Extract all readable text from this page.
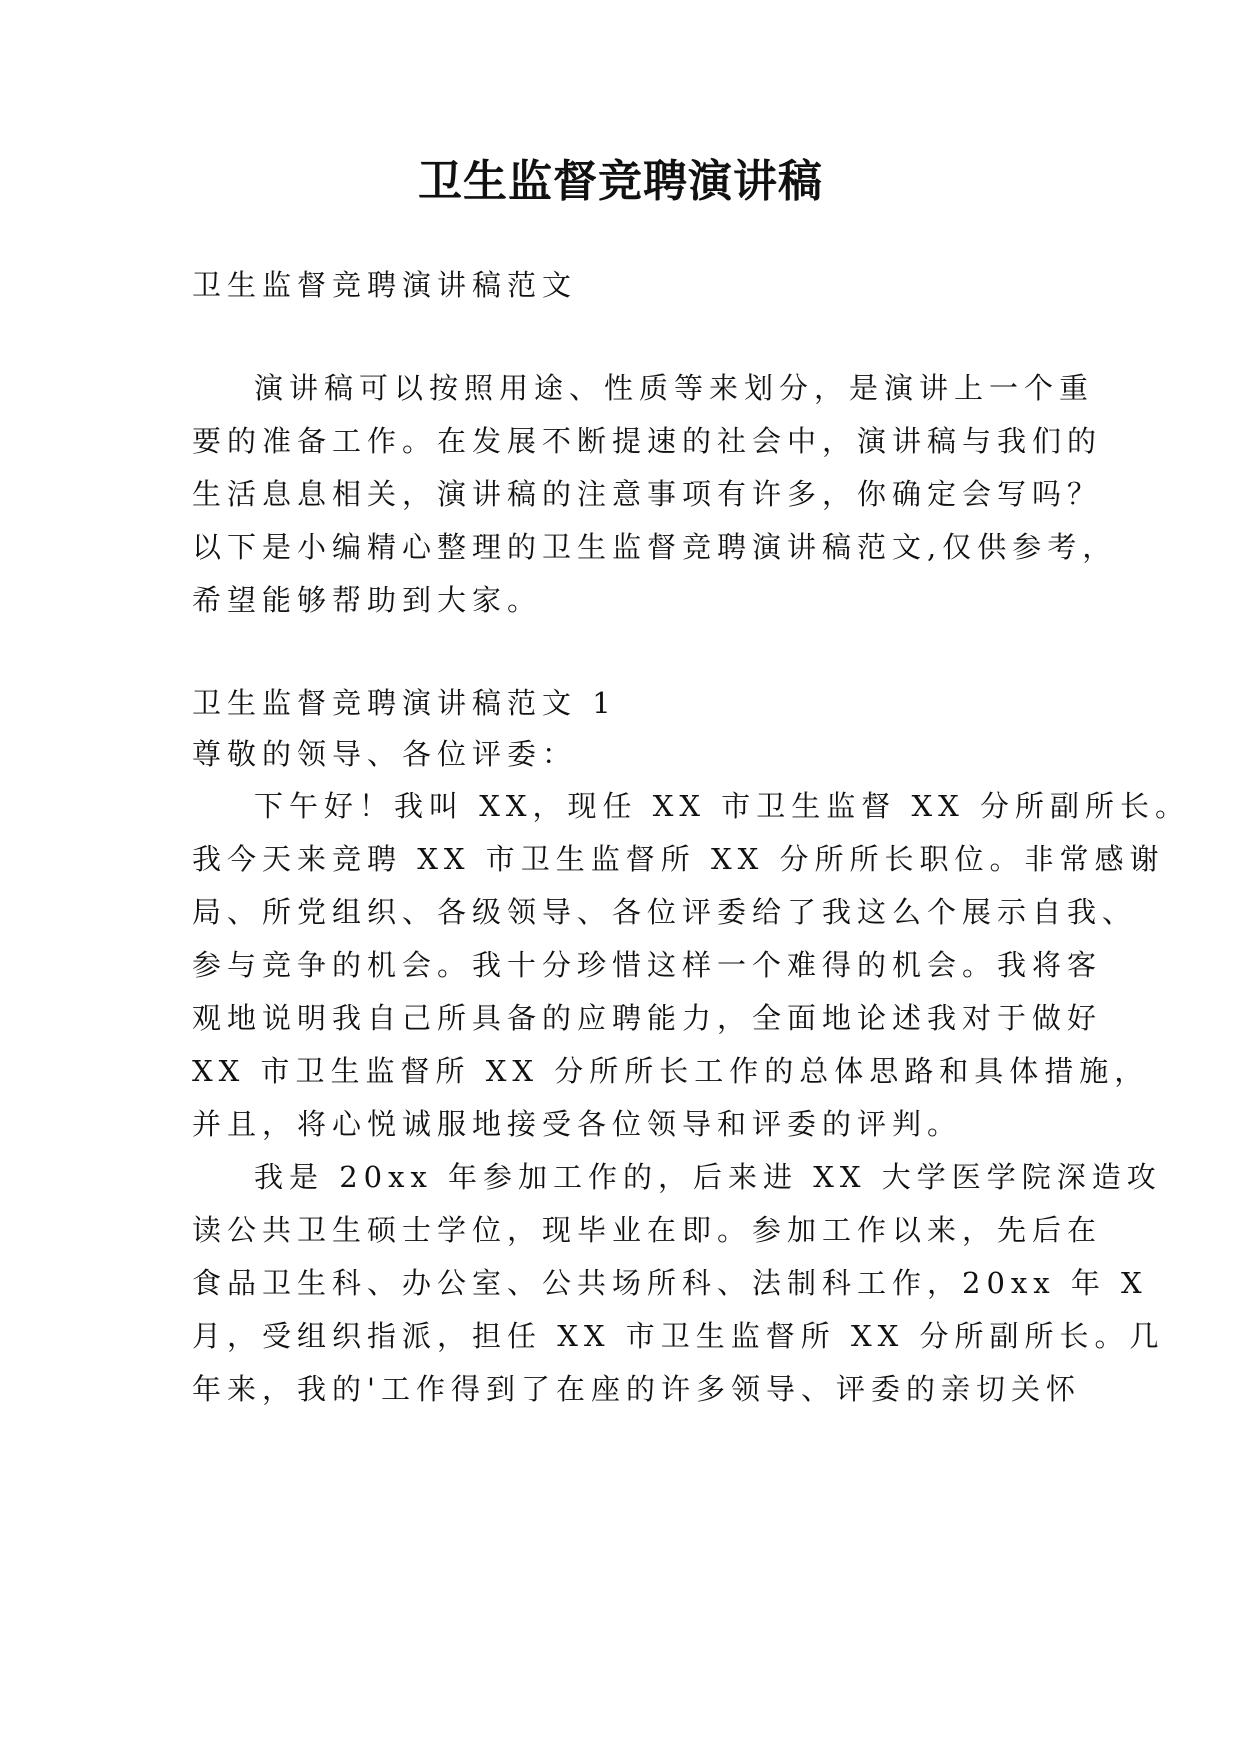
卫生监督竞聘演讲稿
卫生监督竞聘演讲稿范文
演讲稿可以按照用途、性质等来划分，是演讲上一个重
要的准备工作。在发展不断提速的社会中，演讲稿与我们的
生活息息相关，演讲稿的注意事项有许多，你确定会写吗？
以下是小编精心整理的卫生监督竞聘演讲稿范文,仅供参考，
希望能够帮助到大家。
卫生监督竞聘演讲稿范文 1
尊敬的领导、各位评委：
下午好！我叫 XX，现任 XX 市卫生监督 XX 分所副所长。
我今天来竞聘 XX 市卫生监督所 XX 分所所长职位。非常感谢
局、所党组织、各级领导、各位评委给了我这么个展示自我、
参与竞争的机会。我十分珍惜这样一个难得的机会。我将客
观地说明我自己所具备的应聘能力，全面地论述我对于做好
XX 市卫生监督所 XX 分所所长工作的总体思路和具体措施，
并且，将心悦诚服地接受各位领导和评委的评判。
我是 20xx 年参加工作的，后来进 XX 大学医学院深造攻
读公共卫生硕士学位，现毕业在即。参加工作以来，先后在
食品卫生科、办公室、公共场所科、法制科工作，20xx 年 X
月，受组织指派，担任 XX 市卫生监督所 XX 分所副所长。几
年来，我的'工作得到了在座的许多领导、评委的亲切关怀
